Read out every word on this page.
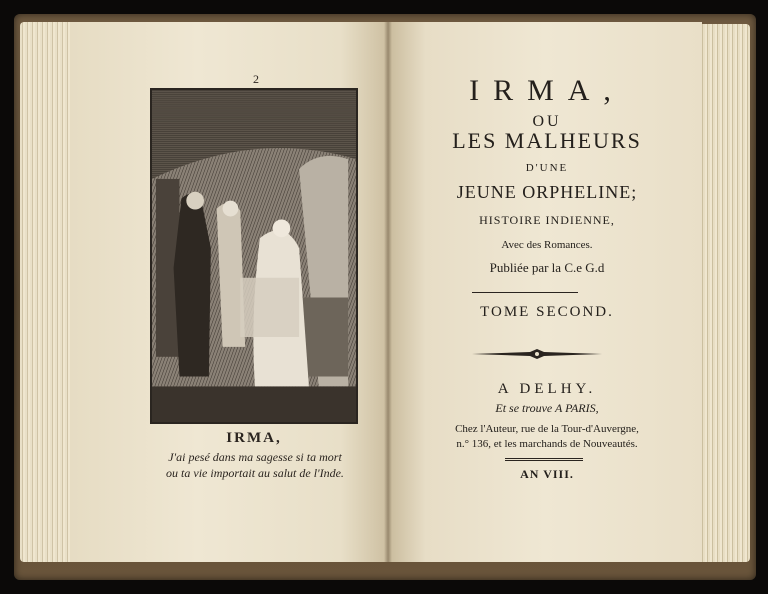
2
IRMA,
J'ai pesé dans ma sagesse si ta mort
ou ta vie importait au salut de l'Inde.
IRMA,
OU
LES MALHEURS
D'UNE
JEUNE ORPHELINE;
HISTOIRE INDIENNE,
Avec des Romances.
Publiée par la C.e G.d
TOME SECOND.
A DELHY.
Et se trouve A PARIS,
Chez l'Auteur, rue de la Tour-d'Auvergne,
n.° 136, et les marchands de Nouveautés.
AN VIII.
